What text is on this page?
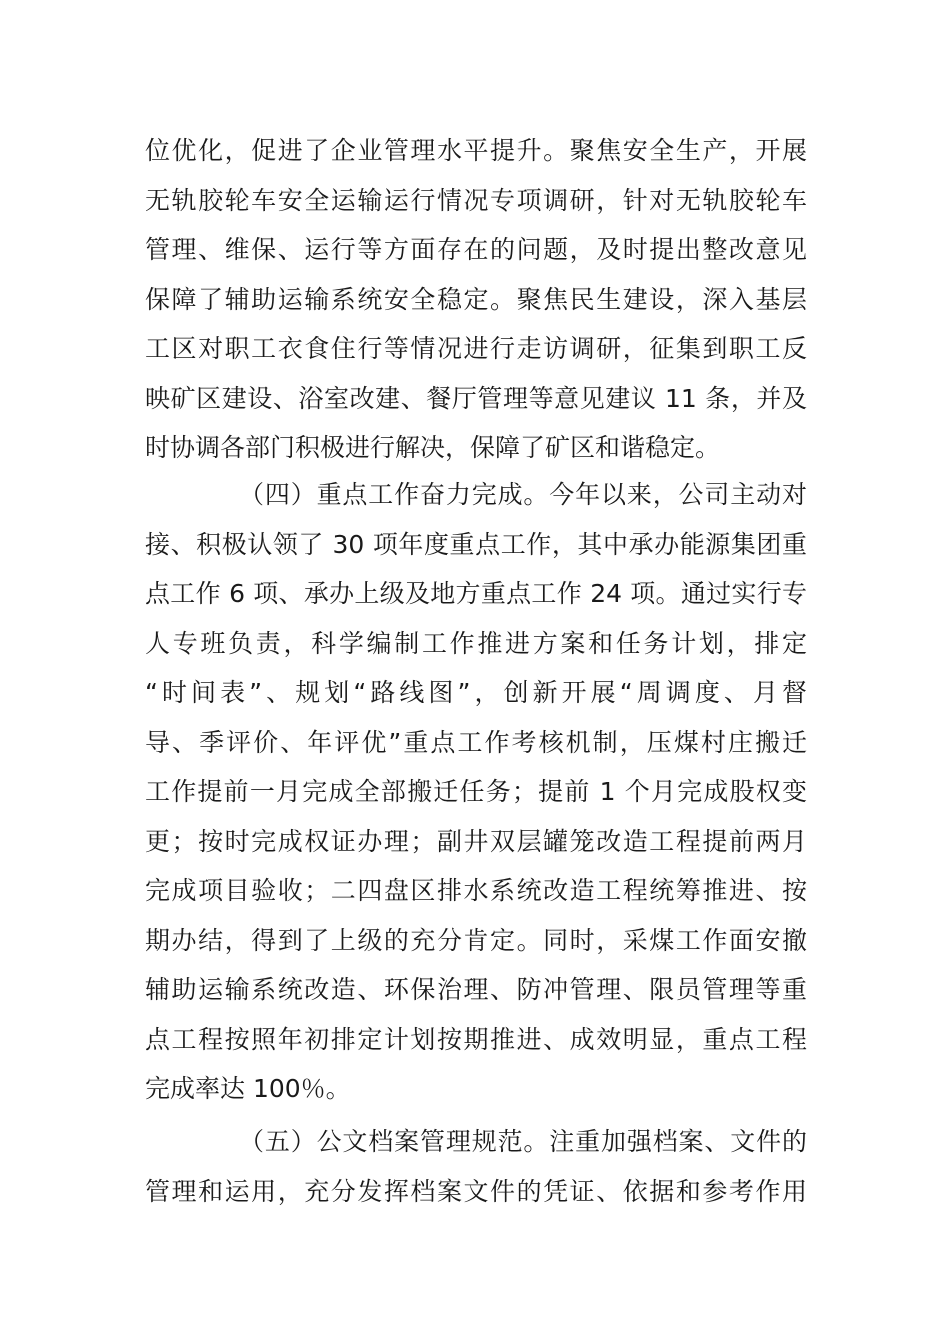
位优化，促进了企业管理水平提升。聚焦安全生产，开展
无轨胶轮车安全运输运行情况专项调研，针对无轨胶轮车
管理、维保、运行等方面存在的问题，及时提出整改意见
保障了辅助运输系统安全稳定。聚焦民生建设，深入基层
工区对职工衣食住行等情况进行走访调研，征集到职工反
映矿区建设、浴室改建、餐厅管理等意见建议 11 条，并及
时协调各部门积极进行解决，保障了矿区和谐稳定。
（四）重点工作奋力完成。今年以来，公司主动对
接、积极认领了 30 项年度重点工作，其中承办能源集团重
点工作 6 项、承办上级及地方重点工作 24 项。通过实行专
人专班负责，科学编制工作推进方案和任务计划，排定
“时间表”、规划“路线图”，创新开展“周调度、月督
导、季评价、年评优”重点工作考核机制，压煤村庄搬迁
工作提前一月完成全部搬迁任务；提前 1 个月完成股权变
更；按时完成权证办理；副井双层罐笼改造工程提前两月
完成项目验收；二四盘区排水系统改造工程统筹推进、按
期办结，得到了上级的充分肯定。同时，采煤工作面安撤
辅助运输系统改造、环保治理、防冲管理、限员管理等重
点工程按照年初排定计划按期推进、成效明显，重点工程
完成率达 100％。
（五）公文档案管理规范。注重加强档案、文件的
管理和运用，充分发挥档案文件的凭证、依据和参考作用
